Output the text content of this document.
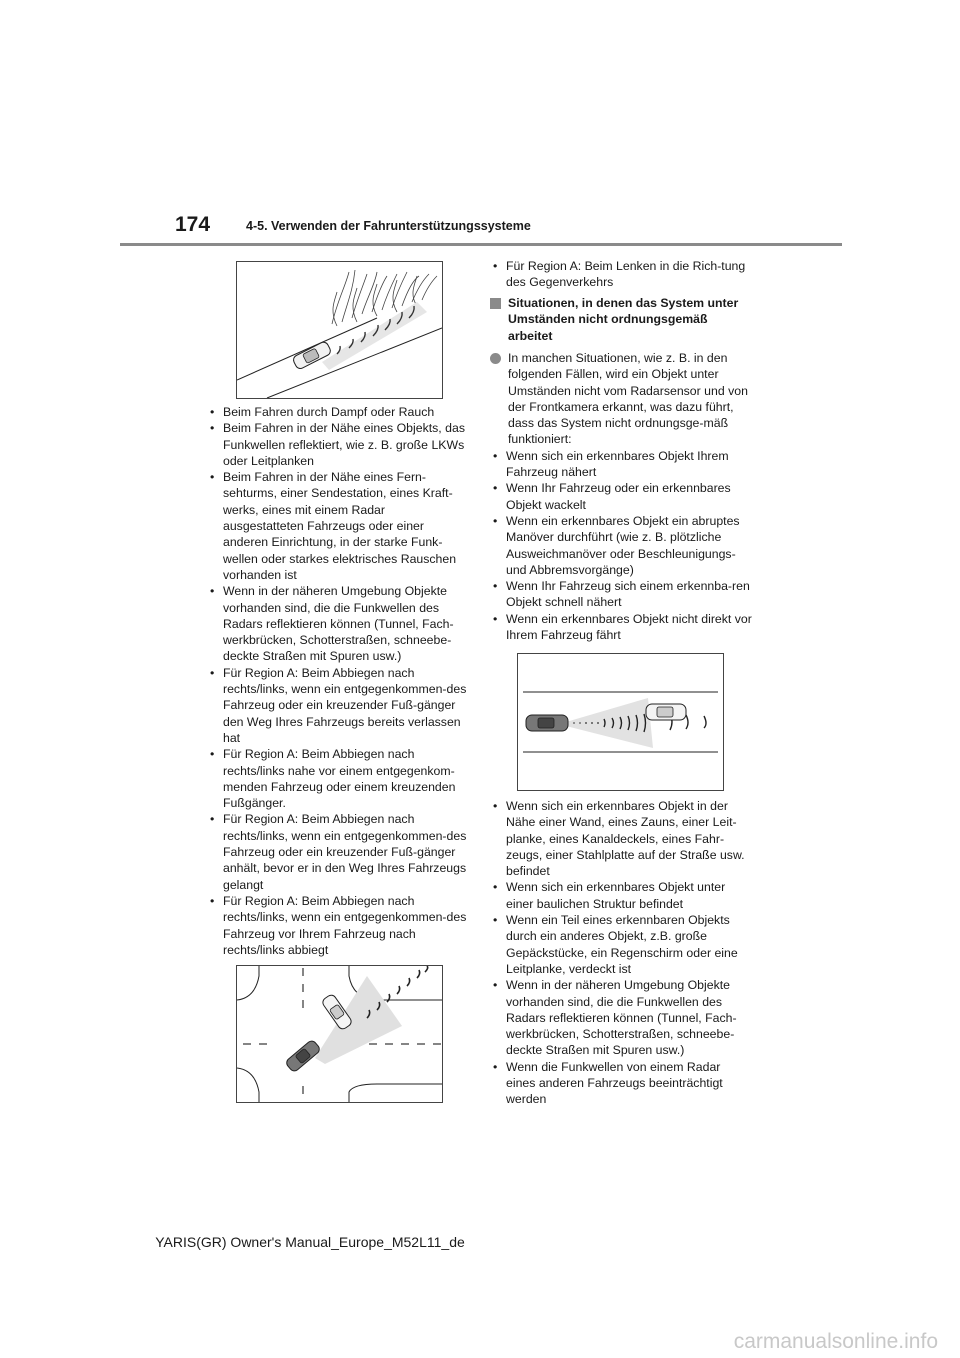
174	4-5. Verwenden der Fahrunterstützungssysteme
• Beim Fahren durch Dampf oder Rauch
• Beim Fahren in der Nähe eines Objekts, das Funkwellen reflektiert, wie z. B. große LKWs oder Leitplanken
• Beim Fahren in der Nähe eines Fern-sehturms, einer Sendestation, eines Kraft-werks, eines mit einem Radar ausgestatteten Fahrzeugs oder einer anderen Einrichtung, in der starke Funk-wellen oder starkes elektrisches Rauschen vorhanden ist
• Wenn in der näheren Umgebung Objekte vorhanden sind, die die Funkwellen des Radars reflektieren können (Tunnel, Fach-werkbrücken, Schotterstraßen, schneebe-deckte Straßen mit Spuren usw.)
• Für Region A: Beim Abbiegen nach rechts/links, wenn ein entgegenkommen-des Fahrzeug oder ein kreuzender Fuß-gänger den Weg Ihres Fahrzeugs bereits verlassen hat
• Für Region A: Beim Abbiegen nach rechts/links nahe vor einem entgegenkom-menden Fahrzeug oder einem kreuzenden Fußgänger.
• Für Region A: Beim Abbiegen nach rechts/links, wenn ein entgegenkommen-des Fahrzeug oder ein kreuzender Fuß-gänger anhält, bevor er in den Weg Ihres Fahrzeugs gelangt
• Für Region A: Beim Abbiegen nach rechts/links, wenn ein entgegenkommen-des Fahrzeug vor Ihrem Fahrzeug nach rechts/links abbiegt
• Für Region A: Beim Lenken in die Rich-tung des Gegenverkehrs
Situationen, in denen das System unter Umständen nicht ordnungsgemäß arbeitet
In manchen Situationen, wie z. B. in den folgenden Fällen, wird ein Objekt unter Umständen nicht vom Radarsensor und von der Frontkamera erkannt, was dazu führt, dass das System nicht ordnungsge-mäß funktioniert:
• Wenn sich ein erkennbares Objekt Ihrem Fahrzeug nähert
• Wenn Ihr Fahrzeug oder ein erkennbares Objekt wackelt
• Wenn ein erkennbares Objekt ein abruptes Manöver durchführt (wie z. B. plötzliche Ausweichmanöver oder Beschleunigungs- und Abbremsvorgänge)
• Wenn Ihr Fahrzeug sich einem erkennba-ren Objekt schnell nähert
• Wenn ein erkennbares Objekt nicht direkt vor Ihrem Fahrzeug fährt
• Wenn sich ein erkennbares Objekt in der Nähe einer Wand, eines Zauns, einer Leit-planke, eines Kanaldeckels, eines Fahr-zeugs, einer Stahlplatte auf der Straße usw. befindet
• Wenn sich ein erkennbares Objekt unter einer baulichen Struktur befindet
• Wenn ein Teil eines erkennbaren Objekts durch ein anderes Objekt, z.B. große Gepäckstücke, ein Regenschirm oder eine Leitplanke, verdeckt ist
• Wenn in der näheren Umgebung Objekte vorhanden sind, die die Funkwellen des Radars reflektieren können (Tunnel, Fach-werkbrücken, Schotterstraßen, schneebe-deckte Straßen mit Spuren usw.)
• Wenn die Funkwellen von einem Radar eines anderen Fahrzeugs beeinträchtigt werden
YARIS(GR) Owner's Manual_Europe_M52L11_de
carmanualsonline.info
